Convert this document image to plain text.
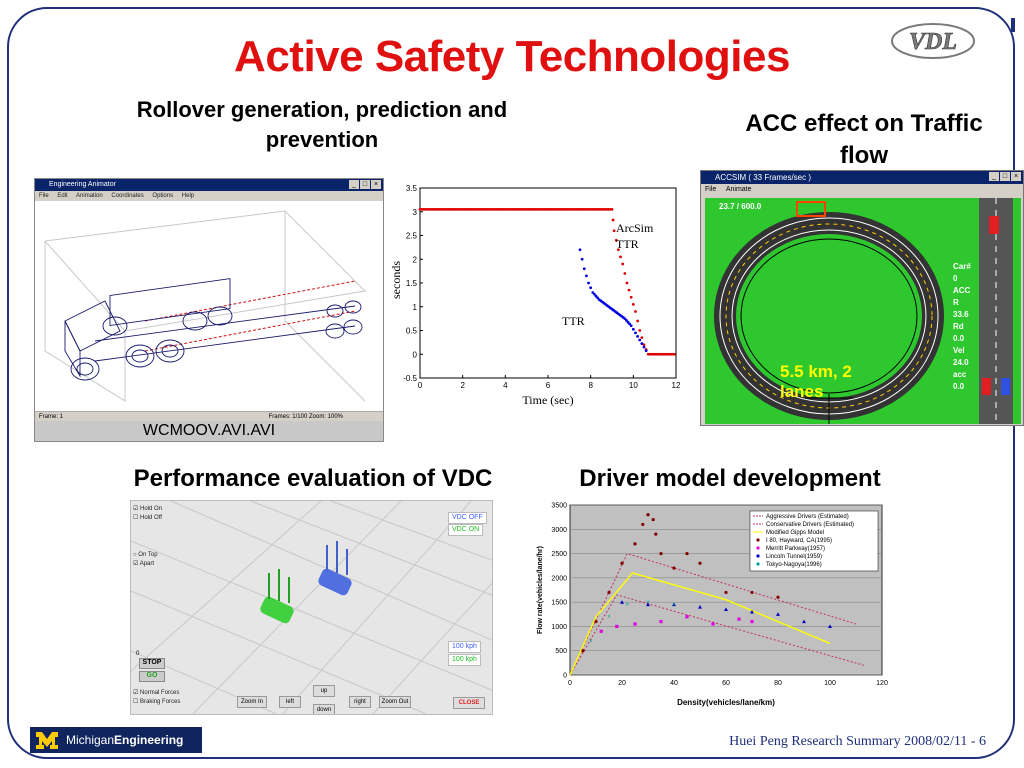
Active Safety Technologies	VDL
Rollover generation, prediction and prevention
ACC effect on Traffic flow
Performance evaluation of VDC	Driver model development
Engineering Animator	_ □ ×
File Edit Animation Coordinates Options Help
Frame: 1	Frames: 1/100 Zoom: 100%
WCMOOV.AVI.AVI
0	2	4	6	8	10	12
-0.5
0
0.5
1
1.5
2
2.5
3
3.5
Time (sec)
seconds
ArcSim
TTR
TTR
ACCSIM ( 33 Frames/sec )	_ □ ×
File Animate
23.7 / 600.0
Car#
0
ACC
R
33.6
Rd
0.0
Vel
24.0
acc
0.0
5.5 km, 2 lanes
☑ Hold On
☐ Hold Off
○ On Top
☑ Apart
VDC OFF
VDC ON
100 kph
100 kph
0
STOP
GO
☑ Normal Forces
☐ Braking Forces
up
down
left	right
Zoom In	Zoom Out	CLOSE
0
500
1000
1500
2000
2500
3000
3500
0	20	40	60	80	100	120
×
×
×	×	×
Aggressive Drivers (Estimated)
Conservative Drivers (Estimated)
Modified Gipps Model
I 80, Hayward, CA(1995)
Merritt Parkway(1957)
Lincoln Tunnel(1959)
Tokyo-Nagoya(1996)
Density(vehicles/lane/km)
Flow rate(vehicles/lane/hr)
MichiganEngineering	Huei Peng Research Summary 2008/02/11 - 6
